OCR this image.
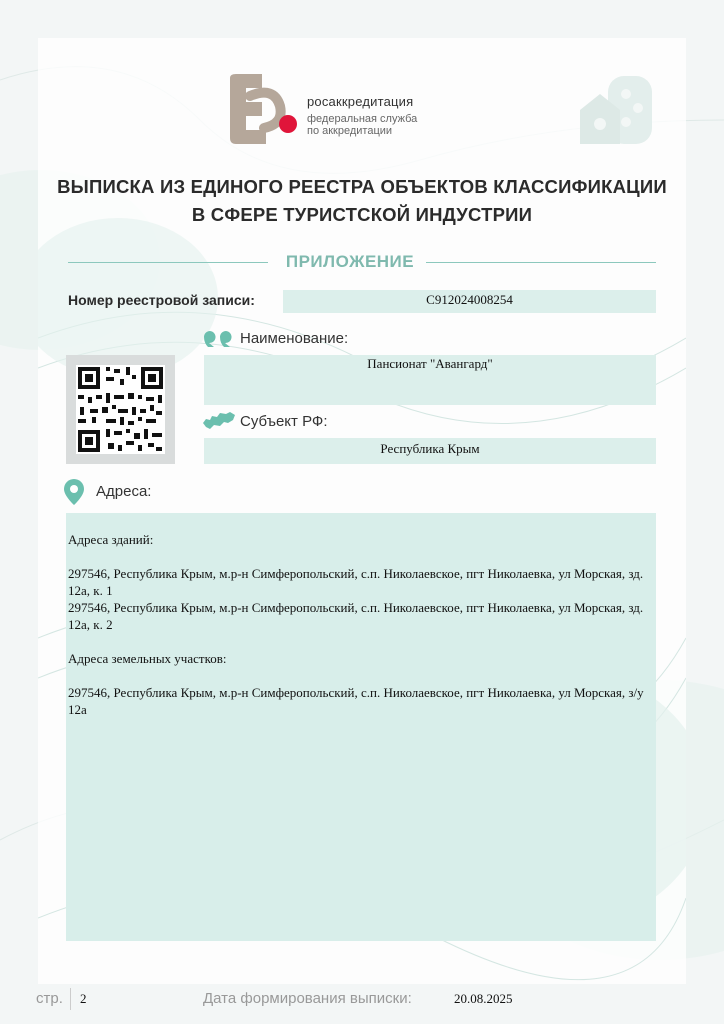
росаккредитация
федеральная служба
по аккредитации
ВЫПИСКА ИЗ ЕДИНОГО РЕЕСТРА ОБЪЕКТОВ КЛАССИФИКАЦИИ
В СФЕРЕ ТУРИСТСКОЙ ИНДУСТРИИ
ПРИЛОЖЕНИЕ
Номер реестровой записи:	С912024008254
Наименование:
Пансионат "Авангард"
Субъект РФ:
Республика Крым
Адреса:
Адреса зданий:

297546, Республика Крым, м.р-н Симферопольский, с.п. Николаевское, пгт Николаевка, ул Морская, зд. 12а, к. 1
297546, Республика Крым, м.р-н Симферопольский, с.п. Николаевское, пгт Николаевка, ул Морская, зд. 12а, к. 2

Адреса земельных участков:

297546, Республика Крым, м.р-н Симферопольский, с.п. Николаевское, пгт Николаевка, ул Морская, з/у 12а
стр. 2	Дата формирования выписки:	20.08.2025
